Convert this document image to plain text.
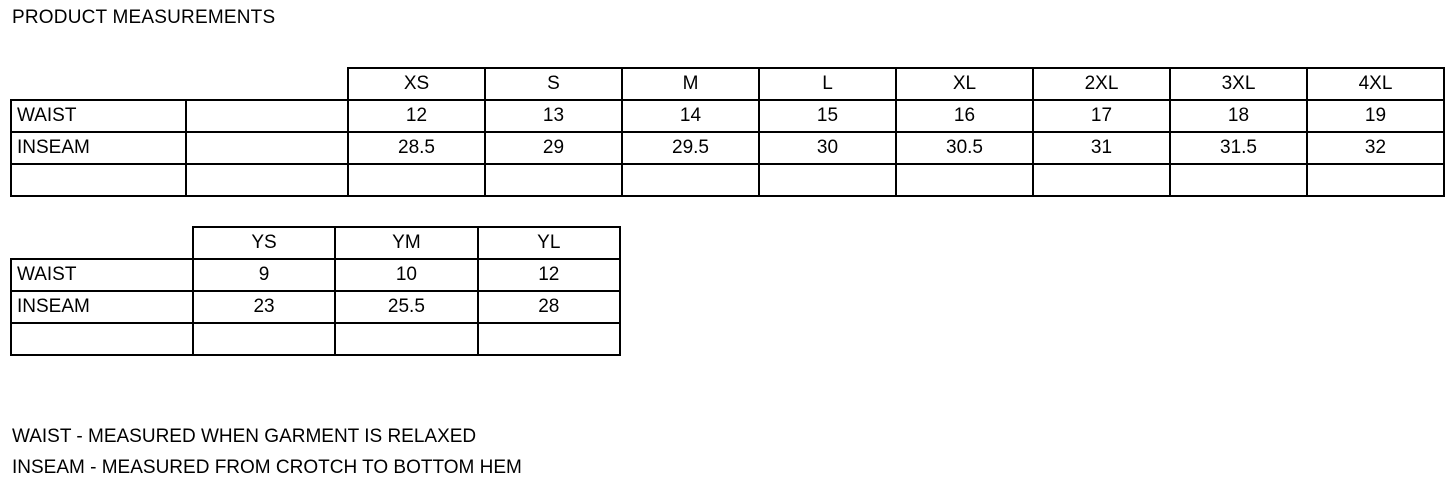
PRODUCT MEASUREMENTS
		XS	S	M	L	XL	2XL	3XL	4XL
WAIST		12	13	14	15	16	17	18	19
INSEAM		28.5	29	29.5	30	30.5	31	31.5	32

	YS	YM	YL
WAIST	9	10	12
INSEAM	23	25.5	28

WAIST - MEASURED WHEN GARMENT IS RELAXED
INSEAM - MEASURED FROM CROTCH TO BOTTOM HEM
